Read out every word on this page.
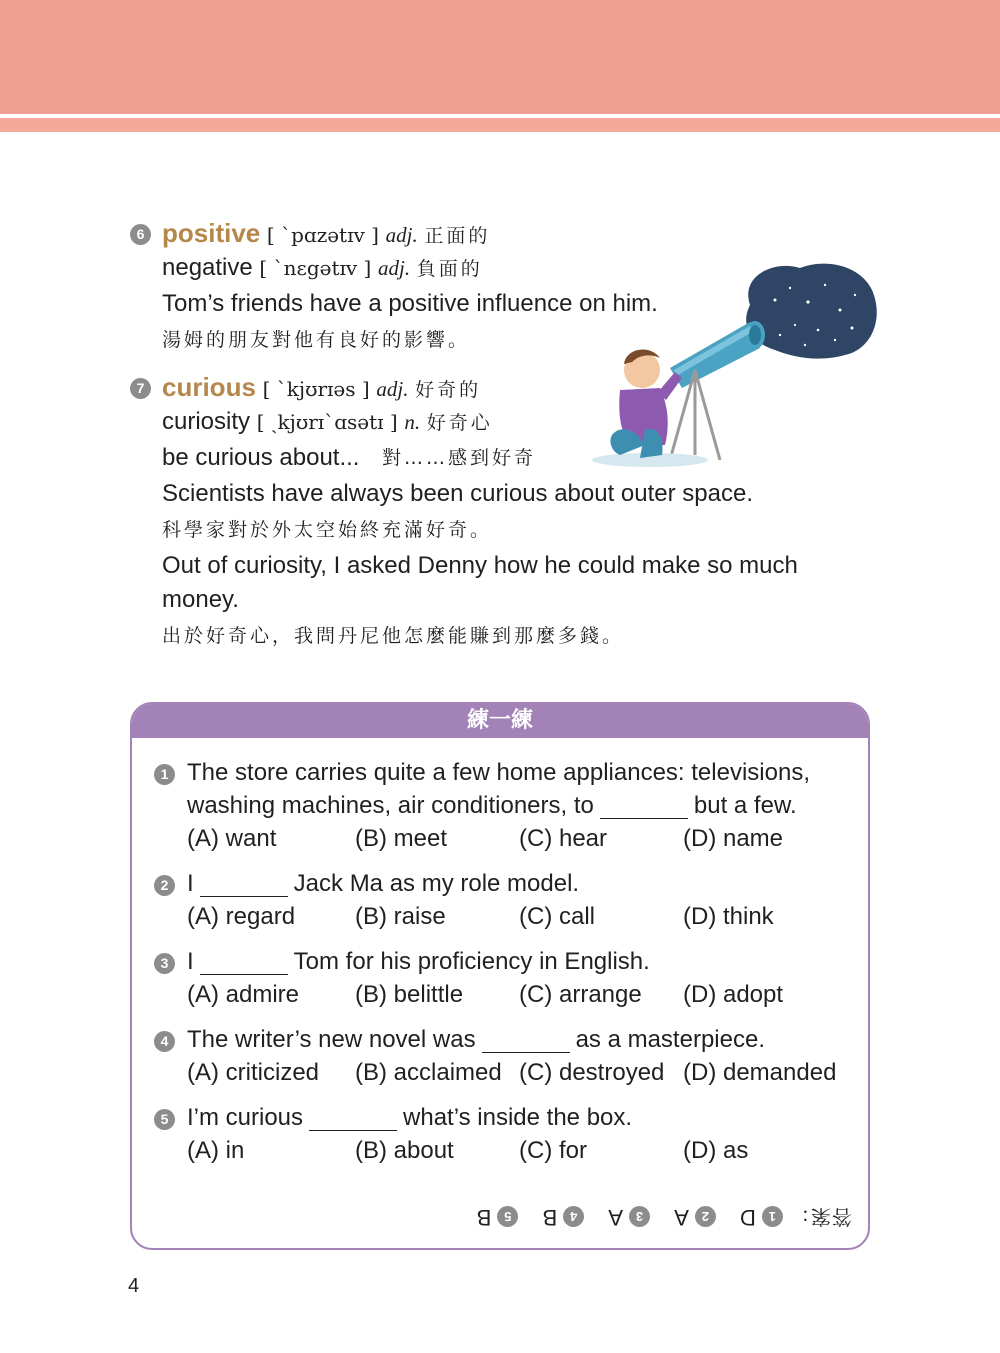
6 positive [ ˋpɑzətɪv ] adj. 正面的
negative [ ˋnɛgətɪv ] adj. 負面的
Tom’s friends have a positive influence on him.
湯姆的朋友對他有良好的影響。
7 curious [ ˋkjʊrɪəs ] adj. 好奇的
curiosity [ ˏkjʊrɪˋɑsətɪ ] n. 好奇心
be curious about... 對……感到好奇
Scientists have always been curious about outer space.
科學家對於外太空始終充滿好奇。
Out of curiosity, I asked Denny how he could make so much
money.
出於好奇心，我問丹尼他怎麼能賺到那麼多錢。
練一練
1 The store carries quite a few home appliances: televisions,
washing machines, air conditioners, to	but a few.
(A) want	(B) meet	(C) hear	(D) name
2 I	Jack Ma as my role model.
(A) regard (B) raise	(C) call	(D) think
3 I	Tom for his proficiency in English.
(A) admire (B) belittle (C) arrange (D) adopt
4 The writer’s new novel was	as a masterpiece.
(A) criticized (B) acclaimed (C) destroyed (D) demanded
5 I’m curious	what’s inside the box.
(A) in	(B) about	(C) for	(D) as
答案： 1D 2A 3A 4B 5B
4
